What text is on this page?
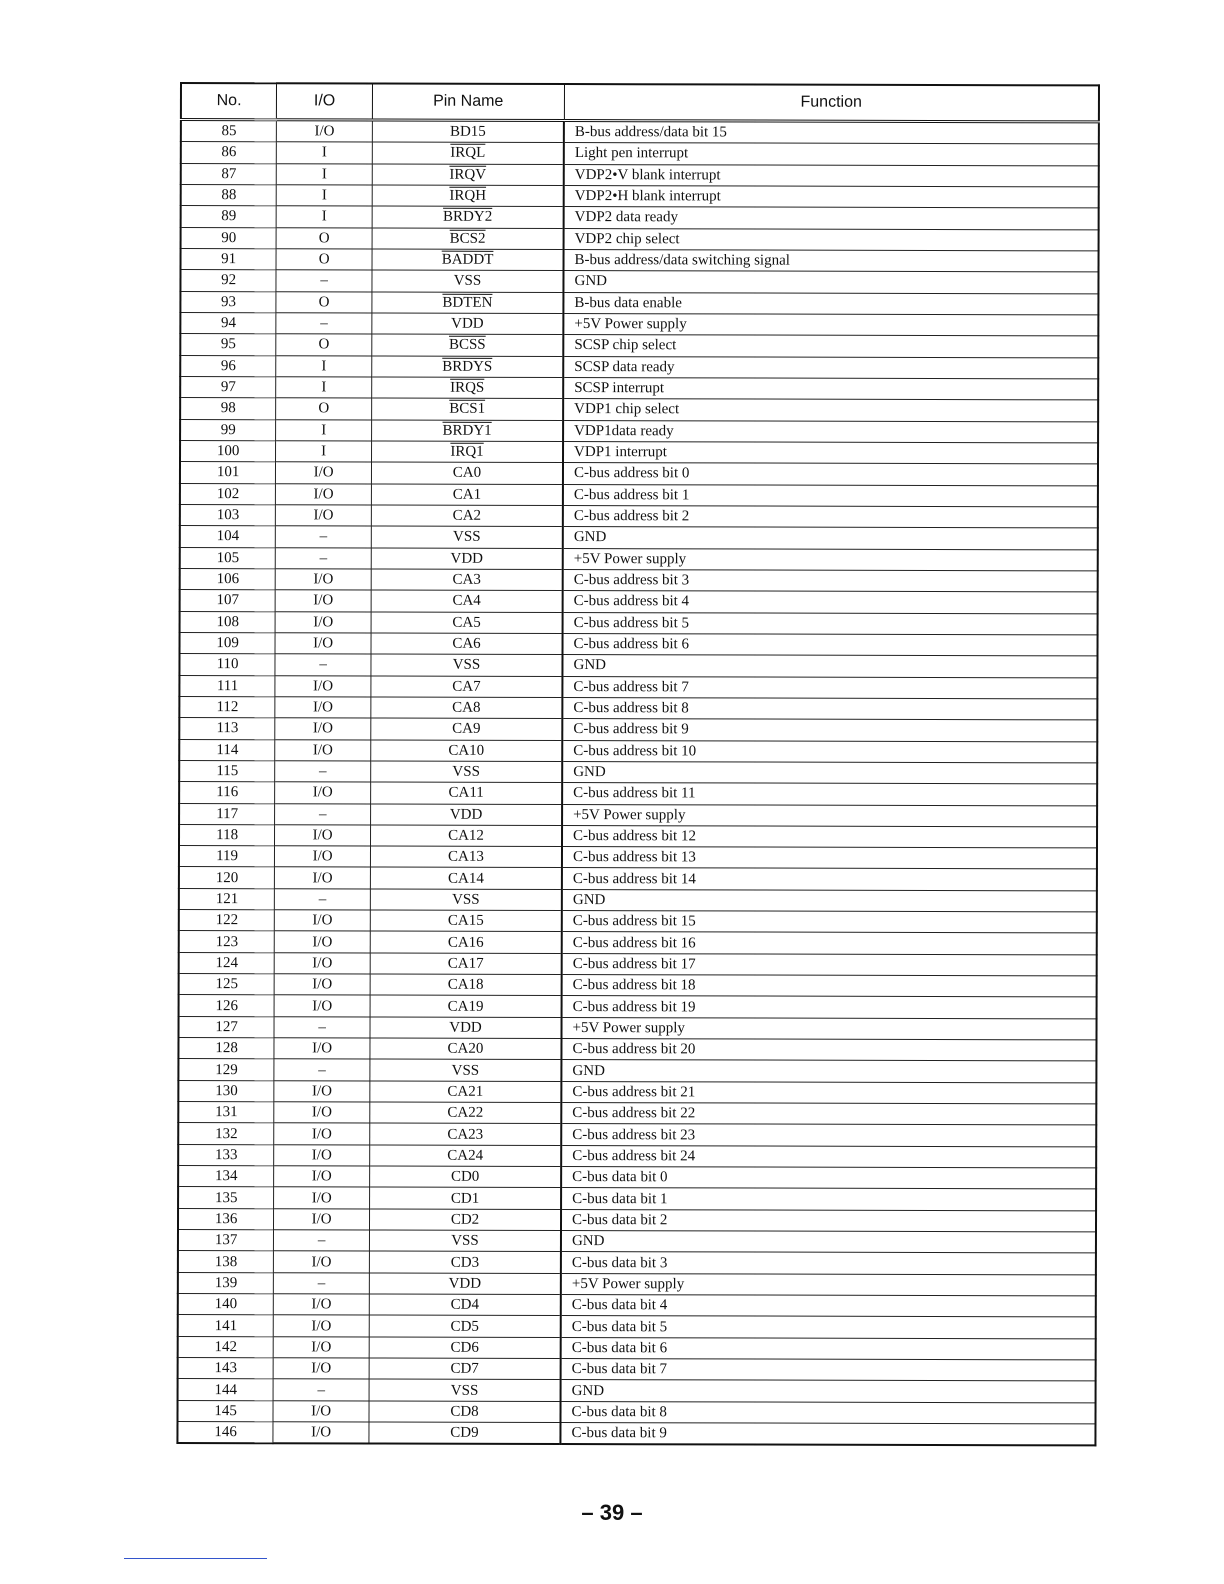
No.	I/O	Pin Name	Function
85	I/O	BD15	B-bus address/data bit 15
86	I	IRQL	Light pen interrupt
87	I	IRQV	VDP2•V blank interrupt
88	I	IRQH	VDP2•H blank interrupt
89	I	BRDY2	VDP2 data ready
90	O	BCS2	VDP2 chip select
91	O	BADDT	B-bus address/data switching signal
92	–	VSS	GND
93	O	BDTEN	B-bus data enable
94	–	VDD	+5V Power supply
95	O	BCSS	SCSP chip select
96	I	BRDYS	SCSP data ready
97	I	IRQS	SCSP interrupt
98	O	BCS1	VDP1 chip select
99	I	BRDY1	VDP1data ready
100	I	IRQ1	VDP1 interrupt
101	I/O	CA0	C-bus address bit 0
102	I/O	CA1	C-bus address bit 1
103	I/O	CA2	C-bus address bit 2
104	–	VSS	GND
105	–	VDD	+5V Power supply
106	I/O	CA3	C-bus address bit 3
107	I/O	CA4	C-bus address bit 4
108	I/O	CA5	C-bus address bit 5
109	I/O	CA6	C-bus address bit 6
110	–	VSS	GND
111	I/O	CA7	C-bus address bit 7
112	I/O	CA8	C-bus address bit 8
113	I/O	CA9	C-bus address bit 9
114	I/O	CA10	C-bus address bit 10
115	–	VSS	GND
116	I/O	CA11	C-bus address bit 11
117	–	VDD	+5V Power supply
118	I/O	CA12	C-bus address bit 12
119	I/O	CA13	C-bus address bit 13
120	I/O	CA14	C-bus address bit 14
121	–	VSS	GND
122	I/O	CA15	C-bus address bit 15
123	I/O	CA16	C-bus address bit 16
124	I/O	CA17	C-bus address bit 17
125	I/O	CA18	C-bus address bit 18
126	I/O	CA19	C-bus address bit 19
127	–	VDD	+5V Power supply
128	I/O	CA20	C-bus address bit 20
129	–	VSS	GND
130	I/O	CA21	C-bus address bit 21
131	I/O	CA22	C-bus address bit 22
132	I/O	CA23	C-bus address bit 23
133	I/O	CA24	C-bus address bit 24
134	I/O	CD0	C-bus data bit 0
135	I/O	CD1	C-bus data bit 1
136	I/O	CD2	C-bus data bit 2
137	–	VSS	GND
138	I/O	CD3	C-bus data bit 3
139	–	VDD	+5V Power supply
140	I/O	CD4	C-bus data bit 4
141	I/O	CD5	C-bus data bit 5
142	I/O	CD6	C-bus data bit 6
143	I/O	CD7	C-bus data bit 7
144	–	VSS	GND
145	I/O	CD8	C-bus data bit 8
146	I/O	CD9	C-bus data bit 9
– 39 –
